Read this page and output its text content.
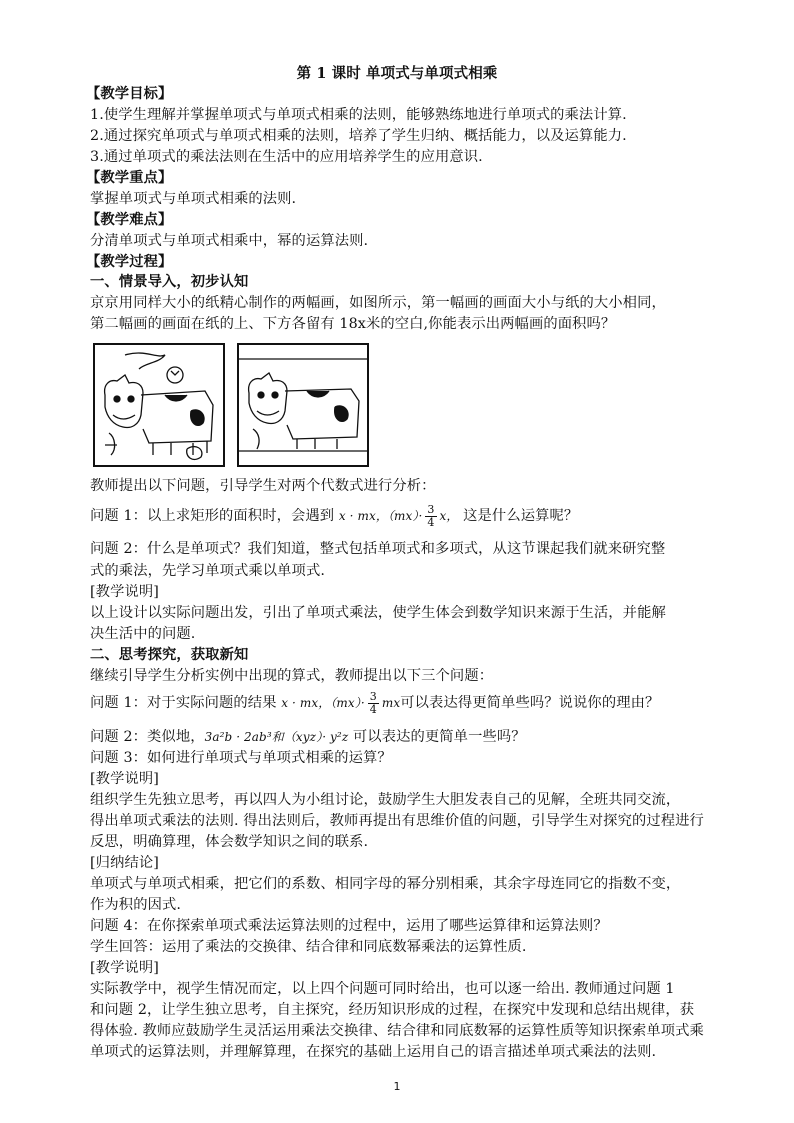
第 1 课时 单项式与单项式相乘
【教学目标】
1.使学生理解并掌握单项式与单项式相乘的法则，能够熟练地进行单项式的乘法计算.
2.通过探究单项式与单项式相乘的法则，培养了学生归纳、概括能力，以及运算能力.
3.通过单项式的乘法法则在生活中的应用培养学生的应用意识.
【教学重点】
掌握单项式与单项式相乘的法则.
【教学难点】
分清单项式与单项式相乘中，幂的运算法则.
【教学过程】
一、情景导入，初步认知
京京用同样大小的纸精心制作的两幅画，如图所示，第一幅画的画面大小与纸的大小相同，
第二幅画的画面在纸的上、下方各留有 18x米的空白,你能表示出两幅画的面积吗？
教师提出以下问题，引导学生对两个代数式进行分析：
问题 1：以上求矩形的面积时，会遇到 x · mx，$(mx)\cdot \frac{3}{4}$ x， 这是什么运算呢？
问题 2：什么是单项式？我们知道，整式包括单项式和多项式，从这节课起我们就来研究整
式的乘法，先学习单项式乘以单项式.
[教学说明]
以上设计以实际问题出发，引出了单项式乘法，使学生体会到数学知识来源于生活，并能解
决生活中的问题.
二、思考探究，获取新知
继续引导学生分析实例中出现的算式，教师提出以下三个问题：
问题 1：对于实际问题的结果 x · mx，$(mx)\cdot \frac{3}{4}$ mx可以表达得更简单些吗？说说你的理由？
问题 2：类似地，3a²b · 2ab³和（xyz）· y²z 可以表达的更简单一些吗？
问题 3：如何进行单项式与单项式相乘的运算？
[教学说明]
组织学生先独立思考，再以四人为小组讨论，鼓励学生大胆发表自己的见解，全班共同交流，
得出单项式乘法的法则. 得出法则后，教师再提出有思维价值的问题，引导学生对探究的过程进行
反思，明确算理，体会数学知识之间的联系.
[归纳结论]
单项式与单项式相乘，把它们的系数、相同字母的幂分别相乘，其余字母连同它的指数不变，
作为积的因式.
问题 4：在你探索单项式乘法运算法则的过程中，运用了哪些运算律和运算法则？
学生回答：运用了乘法的交换律、结合律和同底数幂乘法的运算性质.
[教学说明]
实际教学中，视学生情况而定，以上四个问题可同时给出，也可以逐一给出. 教师通过问题 1
和问题 2，让学生独立思考，自主探究，经历知识形成的过程，在探究中发现和总结出规律，获
得体验. 教师应鼓励学生灵活运用乘法交换律、结合律和同底数幂的运算性质等知识探索单项式乘
单项式的运算法则，并理解算理，在探究的基础上运用自己的语言描述单项式乘法的法则.
1
